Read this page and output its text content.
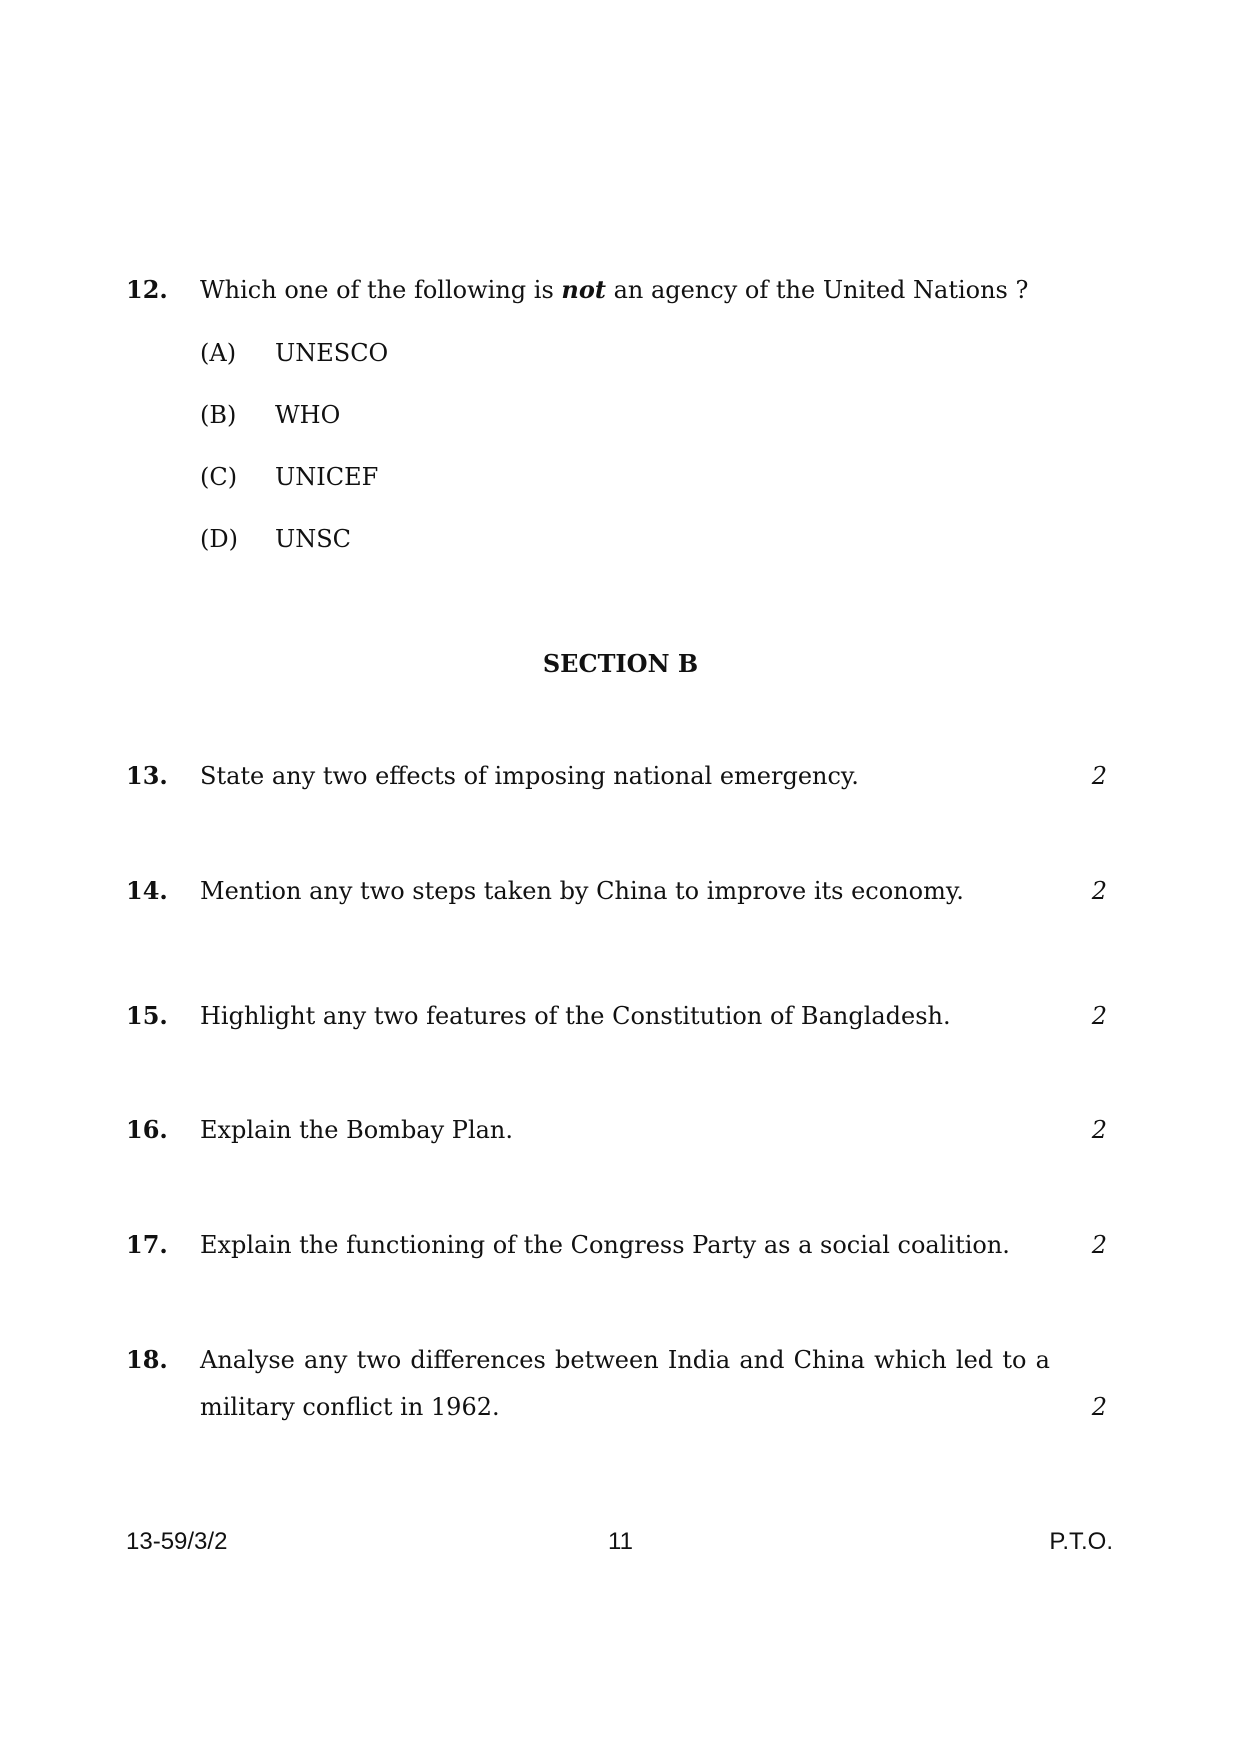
12. Which one of the following is not an agency of the United Nations ?
(A) UNESCO
(B) WHO
(C) UNICEF
(D) UNSC
SECTION B
13. State any two effects of imposing national emergency.	2
14. Mention any two steps taken by China to improve its economy.	2
15. Highlight any two features of the Constitution of Bangladesh.	2
16. Explain the Bombay Plan.	2
17. Explain the functioning of the Congress Party as a social coalition.	2
18. Analyse any two differences between India and China which led to a
military conflict in 1962.	2
13-59/3/2	11	P.T.O.
